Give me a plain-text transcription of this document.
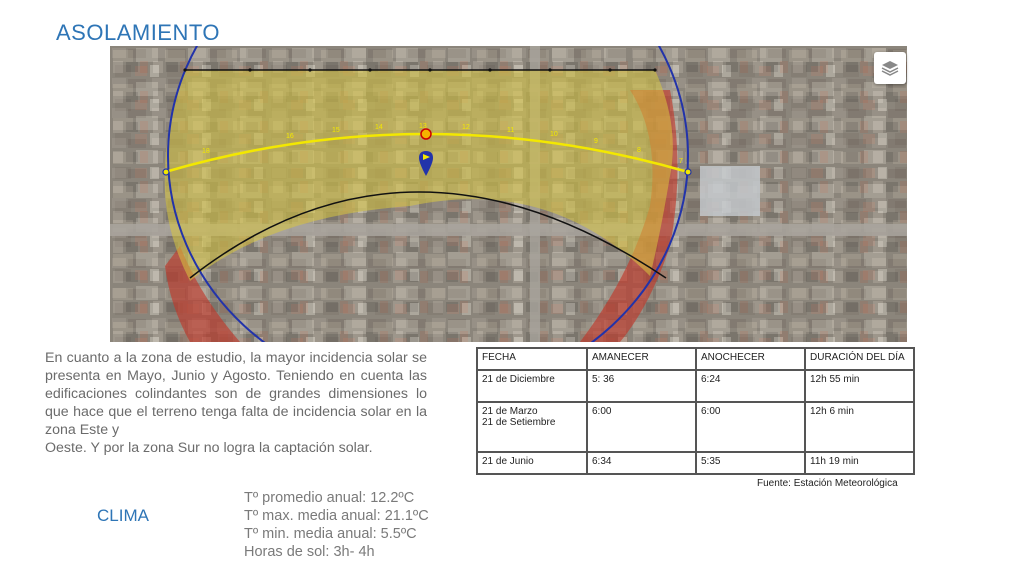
ASOLAMIENTO
18
16
15	14	13	12	11
10
9
8
7
En cuanto a la zona de estudio, la mayor incidencia solar se presenta en Mayo, Junio y Agosto. Teniendo en cuenta las edificaciones colindantes son de grandes dimensiones lo que hace que el terreno tenga falta de incidencia solar en la zona Este y
Oeste. Y por la zona Sur no logra la captación solar.
FECHA	AMANECER	ANOCHECER	DURACIÓN DEL DÍA
21 de Diciembre	5: 36	6:24	12h 55 min

21 de Marzo
21 de Setiembre	6:00	6:00	12h 6 min
21 de Junio	6:34	5:35	11h 19 min
Fuente: Estación Meteorológica
CLIMA
Tº promedio anual: 12.2ºC
Tº max. media anual: 21.1ºC
Tº min. media anual: 5.5ºC
Horas de sol: 3h- 4h
